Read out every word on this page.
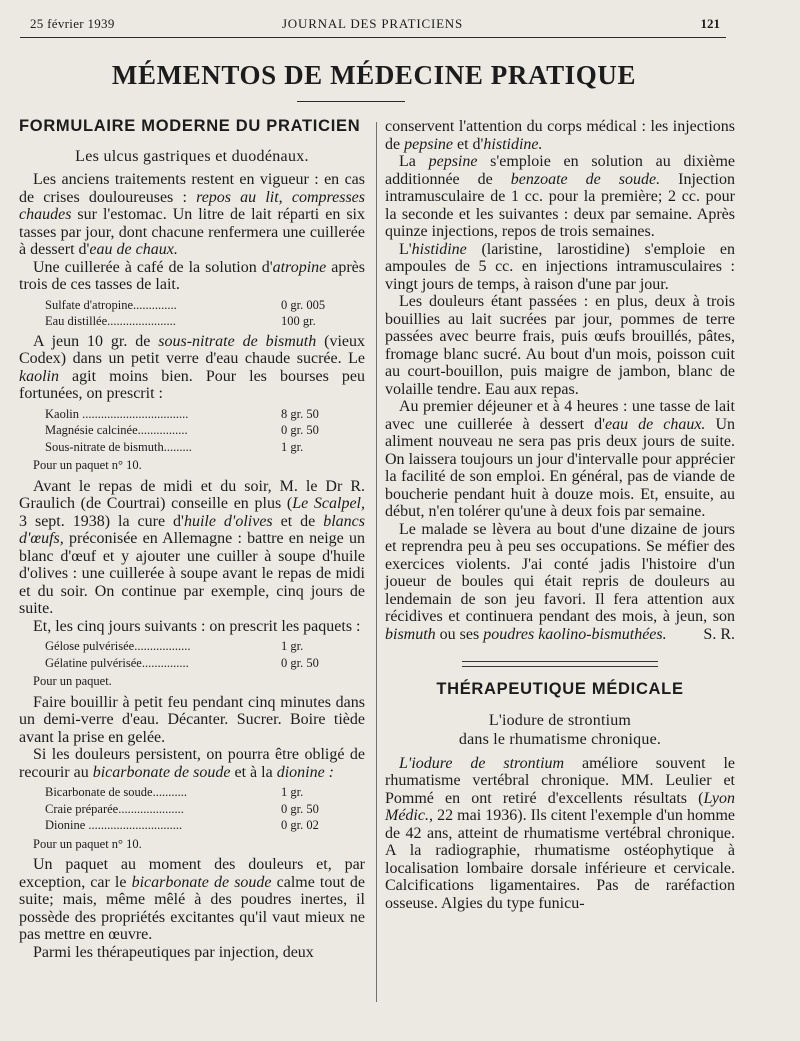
25 février 1939	JOURNAL DES PRATICIENS	121
MÉMENTOS DE MÉDECINE PRATIQUE
FORMULAIRE MODERNE DU PRATICIEN
Les ulcus gastriques et duodénaux.

Les anciens traitements restent en vigueur : en cas de crises douloureuses : repos au lit, compresses chaudes sur l'estomac. Un litre de lait réparti en six tasses par jour, dont chacune renfermera une cuillerée à dessert d'eau de chaux.

Une cuillerée à café de la solution d'atropine après trois de ces tasses de lait.

Sulfate d'atropine..............	0 gr. 005
Eau distillée......................	100 gr.

A jeun 10 gr. de sous-nitrate de bismuth (vieux Codex) dans un petit verre d'eau chaude sucrée. Le kaolin agit moins bien. Pour les bourses peu fortunées, on prescrit :

Kaolin ..................................	8 gr. 50
Magnésie calcinée................	0 gr. 50
Sous-nitrate de bismuth.........	1 gr.
Pour un paquet n° 10.

Avant le repas de midi et du soir, M. le Dr R. Graulich (de Courtrai) conseille en plus (Le Scalpel, 3 sept. 1938) la cure d'huile d'olives et de blancs d'œufs, préconisée en Allemagne : battre en neige un blanc d'œuf et y ajouter une cuiller à soupe d'huile d'olives : une cuillerée à soupe avant le repas de midi et du soir. On continue par exemple, cinq jours de suite.

Et, les cinq jours suivants : on prescrit les paquets :

Gélose pulvérisée..................	1 gr.
Gélatine pulvérisée...............	0 gr. 50
Pour un paquet.

Faire bouillir à petit feu pendant cinq minutes dans un demi-verre d'eau. Décanter. Sucrer. Boire tiède avant la prise en gelée.

Si les douleurs persistent, on pourra être obligé de recourir au bicarbonate de soude et à la dionine :

Bicarbonate de soude...........	1 gr.
Craie préparée.....................	0 gr. 50
Dionine ..............................	0 gr. 02
Pour un paquet n° 10.

Un paquet au moment des douleurs et, par exception, car le bicarbonate de soude calme tout de suite; mais, même mêlé à des poudres inertes, il possède des propriétés excitantes qu'il vaut mieux ne pas mettre en œuvre.

Parmi les thérapeutiques par injection, deux

conservent l'attention du corps médical : les injections de pepsine et d'histidine.

La pepsine s'emploie en solution au dixième additionnée de benzoate de soude. Injection intramusculaire de 1 cc. pour la première; 2 cc. pour la seconde et les suivantes : deux par semaine. Après quinze injections, repos de trois semaines.

L'histidine (laristine, larostidine) s'emploie en ampoules de 5 cc. en injections intramusculaires : vingt jours de temps, à raison d'une par jour.

Les douleurs étant passées : en plus, deux à trois bouillies au lait sucrées par jour, pommes de terre passées avec beurre frais, puis œufs brouillés, pâtes, fromage blanc sucré. Au bout d'un mois, poisson cuit au court-bouillon, puis maigre de jambon, blanc de volaille tendre. Eau aux repas.

Au premier déjeuner et à 4 heures : une tasse de lait avec une cuillerée à dessert d'eau de chaux. Un aliment nouveau ne sera pas pris deux jours de suite. On laissera toujours un jour d'intervalle pour apprécier la facilité de son emploi. En général, pas de viande de boucherie pendant huit à douze mois. Et, ensuite, au début, n'en tolérer qu'une à deux fois par semaine.

Le malade se lèvera au bout d'une dizaine de jours et reprendra peu à peu ses occupations. Se méfier des exercices violents. J'ai conté jadis l'histoire d'un joueur de boules qui était repris de douleurs au lendemain de son jeu favori. Il fera attention aux récidives et continuera pendant des mois, à jeun, son bismuth ou ses poudres kaolino-bismuthées.	S. R.

THÉRAPEUTIQUE MÉDICALE
L'iodure de strontium
dans le rhumatisme chronique.

L'iodure de strontium améliore souvent le rhumatisme vertébral chronique. MM. Leulier et Pommé en ont retiré d'excellents résultats (Lyon Médic., 22 mai 1936). Ils citent l'exemple d'un homme de 42 ans, atteint de rhumatisme vertébral chronique. A la radiographie, rhumatisme ostéophytique à localisation lombaire dorsale inférieure et cervicale. Calcifications ligamentaires. Pas de raréfaction osseuse. Algies du type funicu-
